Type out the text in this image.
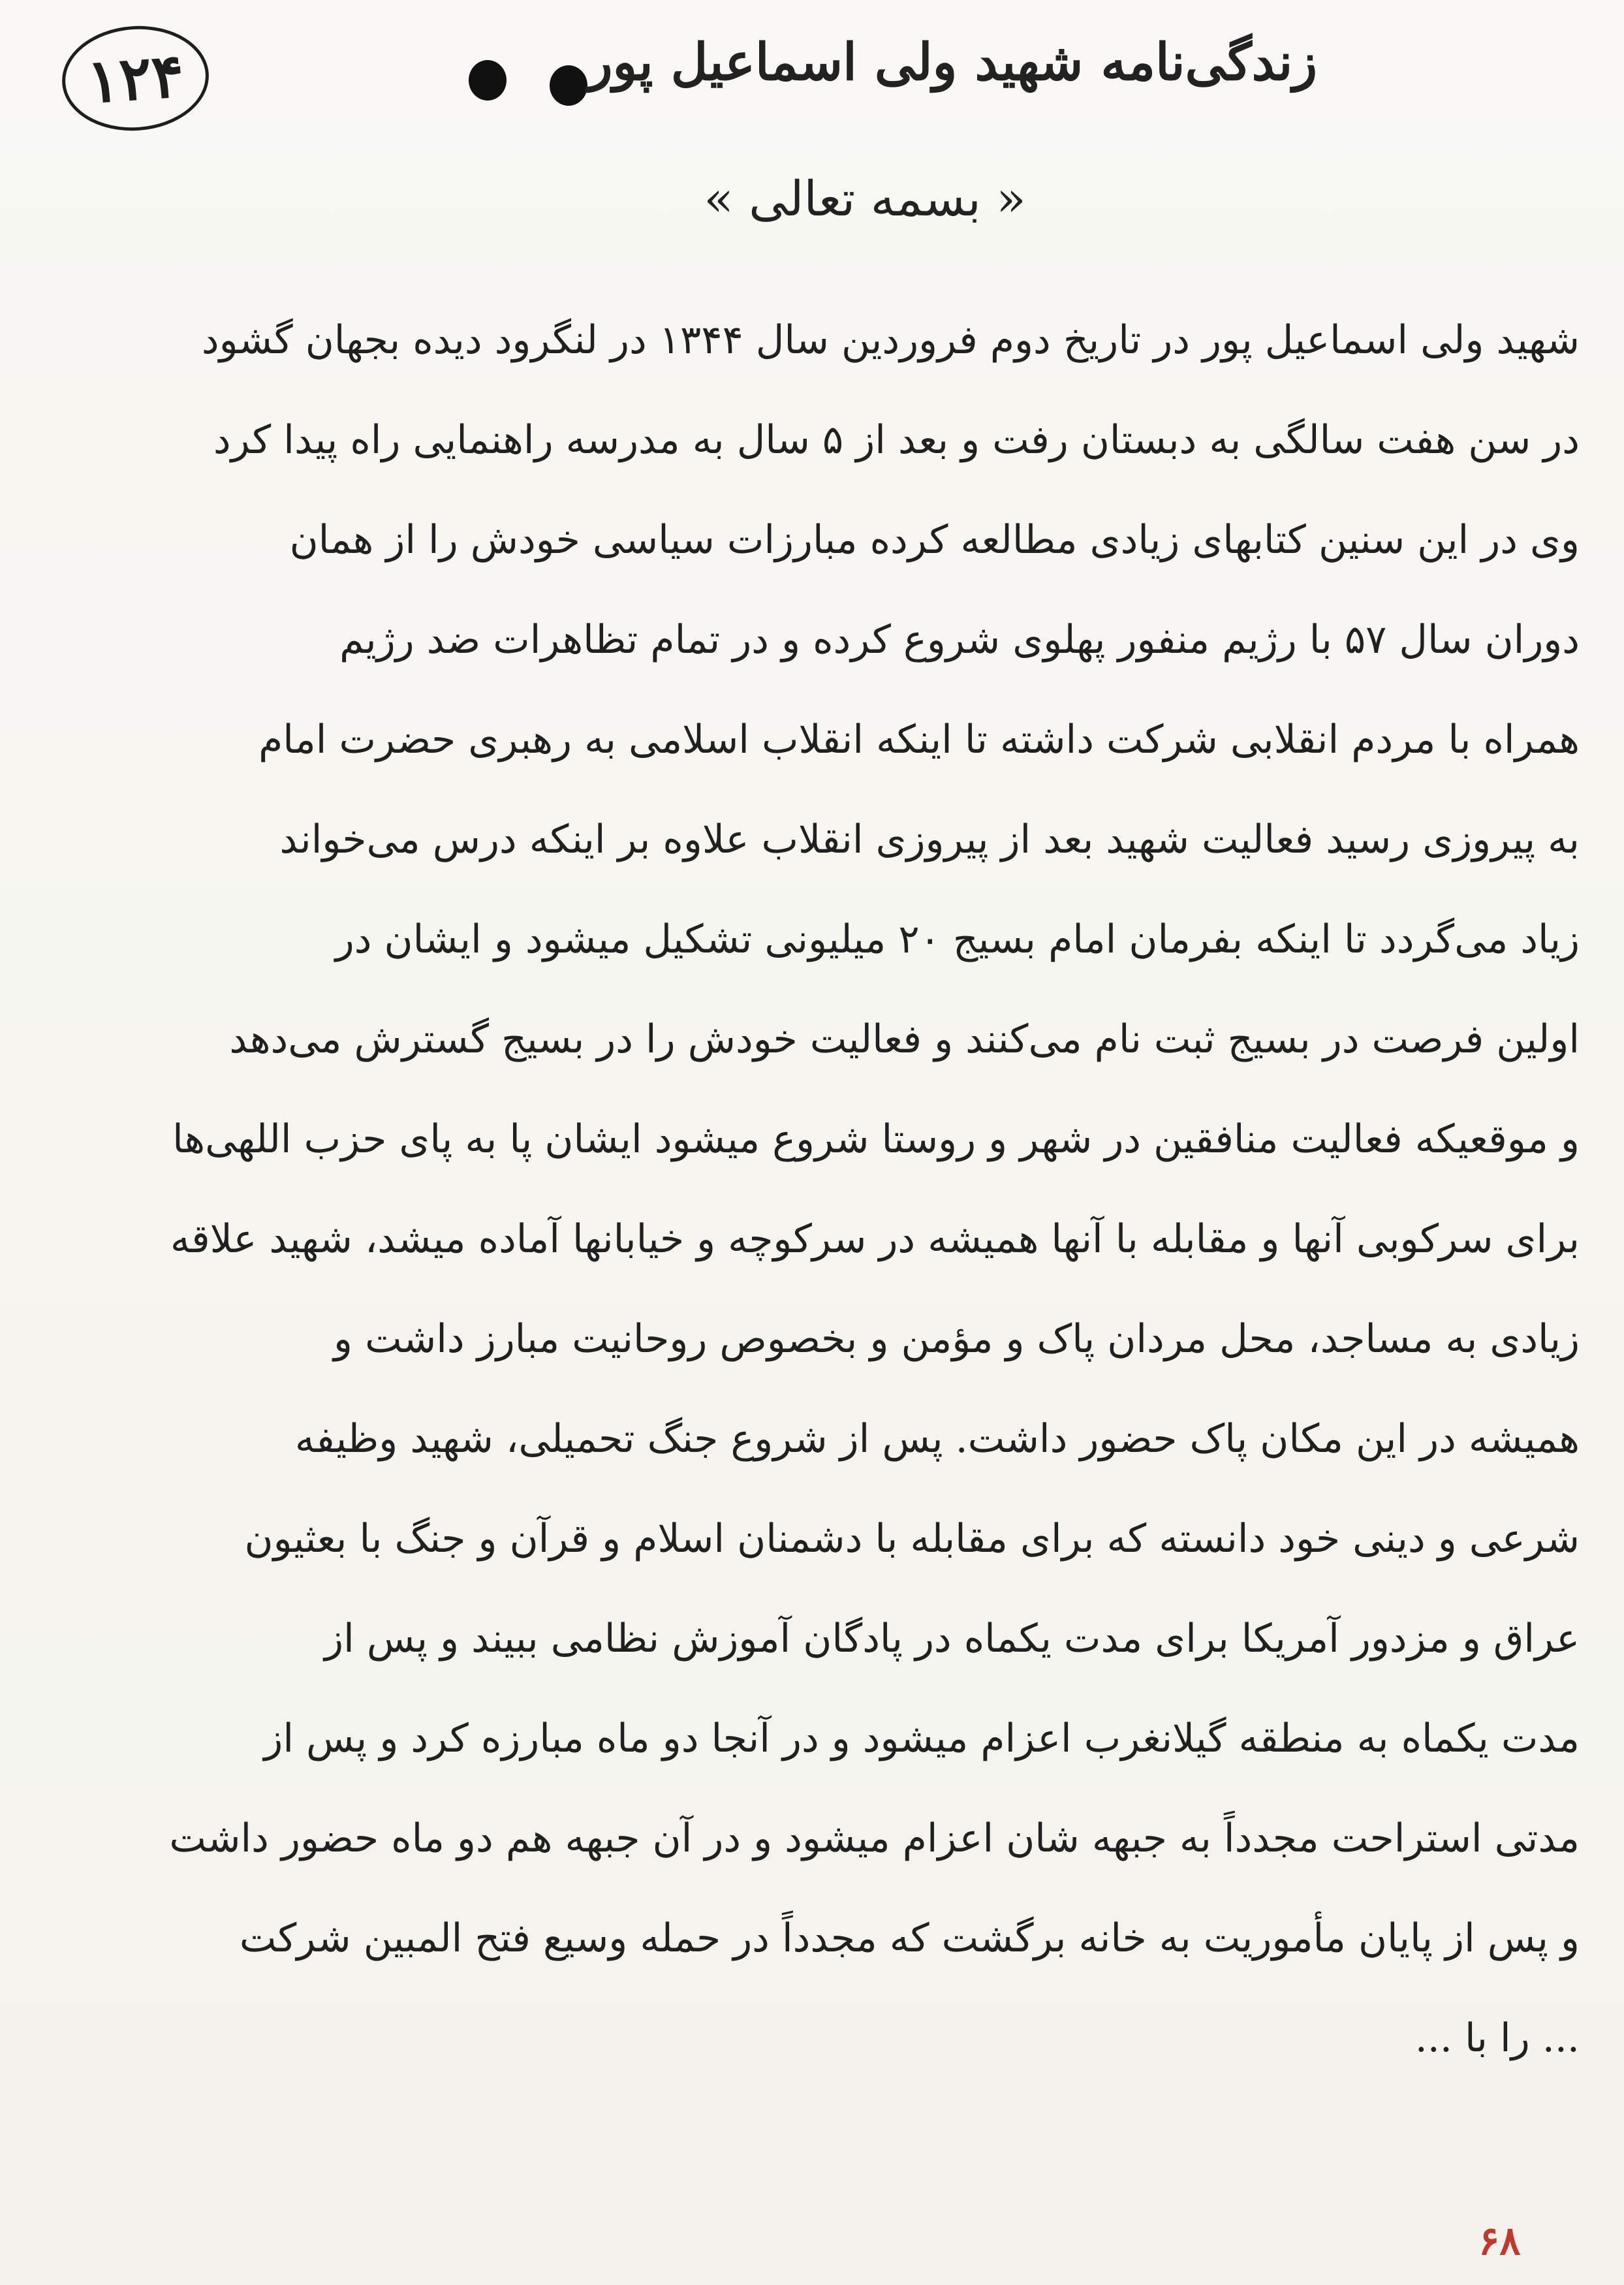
۱۲۴	زندگی‌نامه شهید ولی اسماعیل پور
« بسمه تعالی »
شهید ولی اسماعیل پور در تاریخ دوم فروردین سال ۱۳۴۴ در لنگرود دیده بجهان گشود
در سن هفت سالگی به دبستان رفت و بعد از ۵ سال به مدرسه راهنمایی راه پیدا کرد
وی در این سنین کتابهای زیادی مطالعه کرده مبارزات سیاسی خودش را از همان
دوران سال ۵۷ با رژیم منفور پهلوی شروع کرده و در تمام تظاهرات ضد رژیم
همراه با مردم انقلابی شرکت داشته تا اینکه انقلاب اسلامی به رهبری حضرت امام
به پیروزی رسید فعالیت شهید بعد از پیروزی انقلاب علاوه بر اینکه درس می‌خواند
زیاد می‌گردد تا اینکه بفرمان امام بسیج ۲۰ میلیونی تشکیل میشود و ایشان در
اولین فرصت در بسیج ثبت نام می‌کنند و فعالیت خودش را در بسیج گسترش می‌دهد
و موقعیکه فعالیت منافقین در شهر و روستا شروع میشود ایشان پا به پای حزب اللهی‌ها
برای سرکوبی آنها و مقابله با آنها همیشه در سرکوچه و خیابانها آماده میشد، شهید علاقه
زیادی به مساجد، محل مردان پاک و مؤمن و بخصوص روحانیت مبارز داشت و
همیشه در این مکان پاک حضور داشت. پس از شروع جنگ تحمیلی، شهید وظیفه
شرعی و دینی خود دانسته که برای مقابله با دشمنان اسلام و قرآن و جنگ با بعثیون
عراق و مزدور آمریکا برای مدت یکماه در پادگان آموزش نظامی ببیند و پس از
مدت یکماه به منطقه گیلانغرب اعزام میشود و در آنجا دو ماه مبارزه کرد و پس از
مدتی استراحت مجدداً به جبهه شان اعزام میشود و در آن جبهه هم دو ماه حضور داشت
و پس از پایان مأموریت به خانه برگشت که مجدداً در حمله وسیع فتح المبین شرکت
... را با ...
۶۸
